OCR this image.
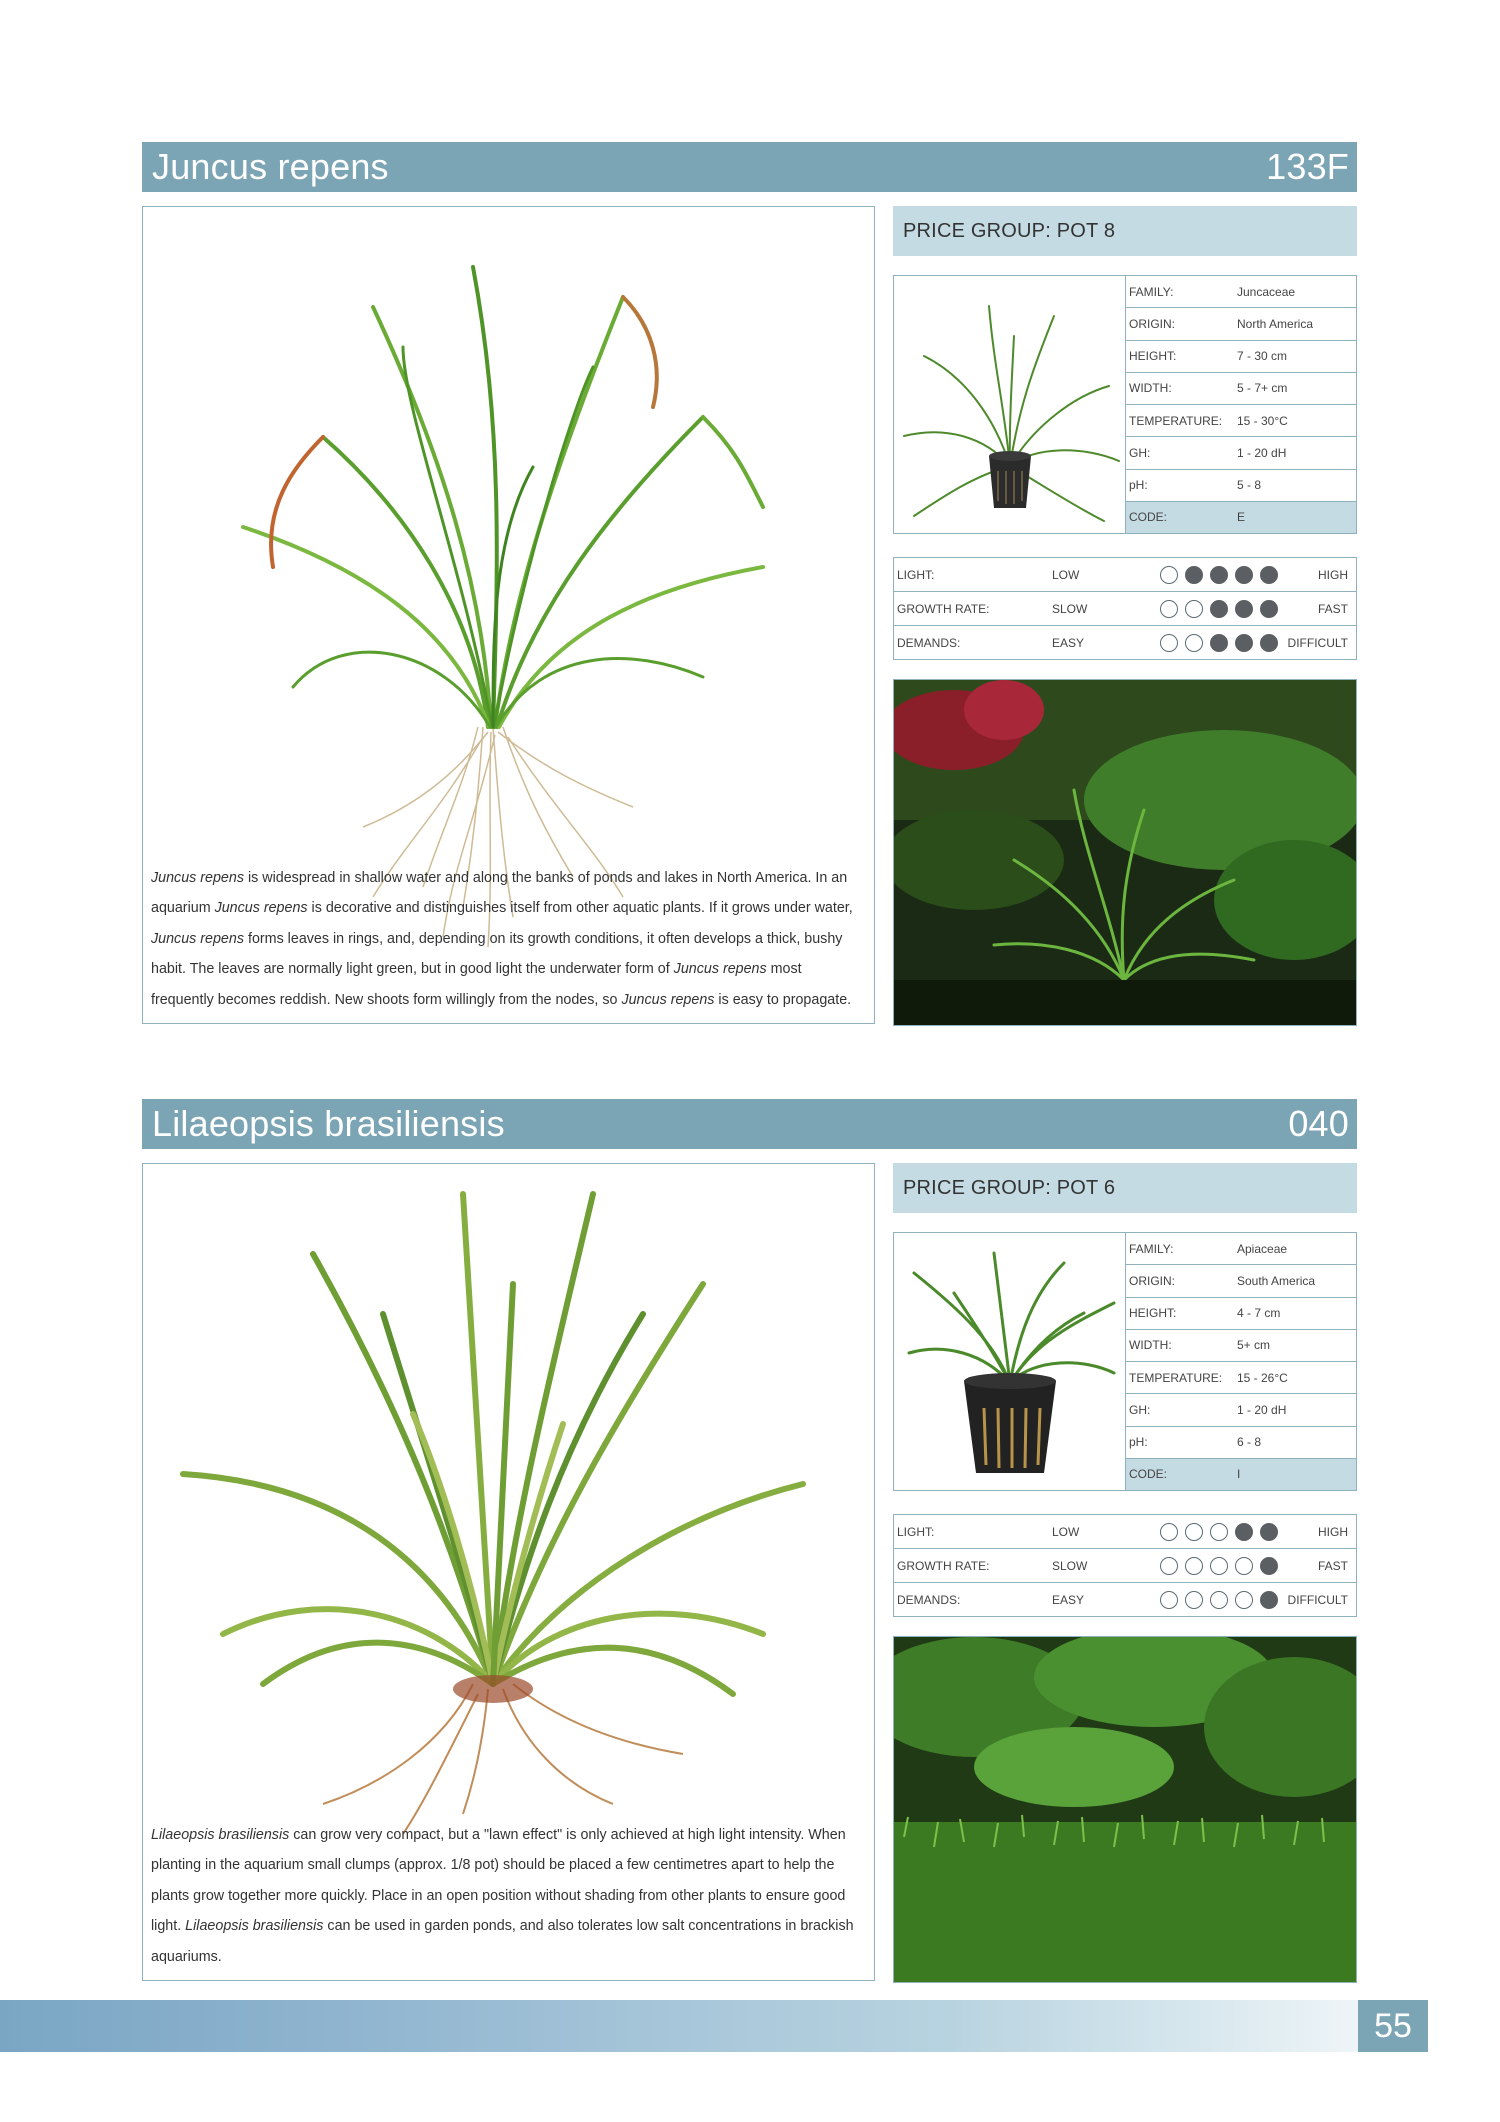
Juncus repens	133F
Juncus repens is widespread in shallow water and along the banks of ponds and lakes in North America. In an aquarium Juncus repens is decorative and distinguishes itself from other aquatic plants. If it grows under water, Juncus repens forms leaves in rings, and, depending on its growth conditions, it often develops a thick, bushy habit. The leaves are normally light green, but in good light the underwater form of Juncus repens most frequently becomes reddish. New shoots form willingly from the nodes, so Juncus repens is easy to propagate.
PRICE GROUP: POT 8
FAMILY:	Juncaceae
ORIGIN:	North America
HEIGHT:	7 - 30 cm
WIDTH:	5 - 7+ cm
TEMPERATURE:	15 - 30°C
GH:	1 - 20 dH
pH:	5 - 8
CODE:	E
LIGHT:	LOW	HIGH
GROWTH RATE:	SLOW	FAST
DEMANDS:	EASY	DIFFICULT
Lilaeopsis brasiliensis	040
Lilaeopsis brasiliensis can grow very compact, but a "lawn effect" is only achieved at high light intensity. When planting in the aquarium small clumps (approx. 1/8 pot) should be placed a few centimetres apart to help the plants grow together more quickly. Place in an open position without shading from other plants to ensure good light. Lilaeopsis brasiliensis can be used in garden ponds, and also tolerates low salt concentrations in brackish aquariums.
PRICE GROUP: POT 6
FAMILY:	Apiaceae
ORIGIN:	South America
HEIGHT:	4 - 7 cm
WIDTH:	5+ cm
TEMPERATURE:	15 - 26°C
GH:	1 - 20 dH
pH:	6 - 8
CODE:	I
LIGHT:	LOW	HIGH
GROWTH RATE:	SLOW	FAST
DEMANDS:	EASY	DIFFICULT
55
